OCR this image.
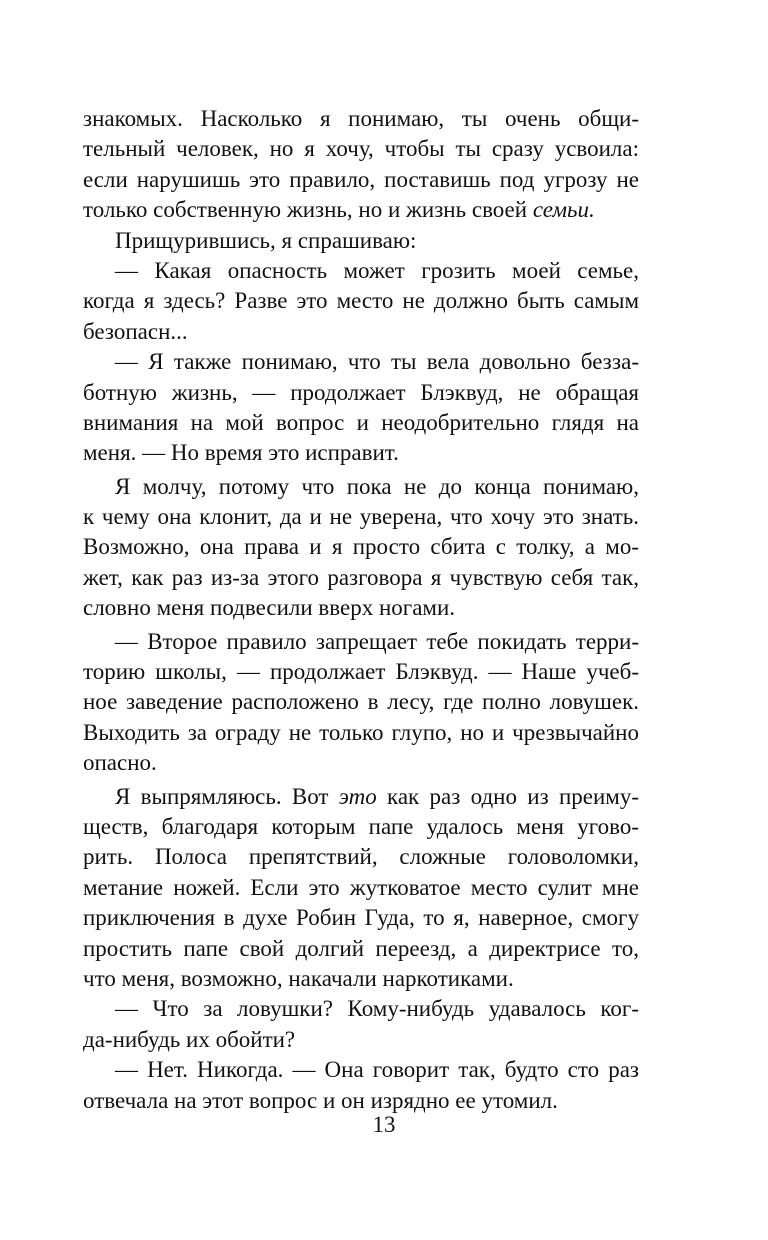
знакомых. Насколько я понимаю, ты очень общи-
тельный человек, но я хочу, чтобы ты сразу усвоила:
если нарушишь это правило, поставишь под угрозу не
только собственную жизнь, но и жизнь своей семьи.
Прищурившись, я спрашиваю:
— Какая опасность может грозить моей семье,
когда я здесь? Разве это место не должно быть самым
безопасн...
— Я также понимаю, что ты вела довольно безза-
ботную жизнь, — продолжает Блэквуд, не обращая
внимания на мой вопрос и неодобрительно глядя на
меня. — Но время это исправит.
Я молчу, потому что пока не до конца понимаю,
к чему она клонит, да и не уверена, что хочу это знать.
Возможно, она права и я просто сбита с толку, а мо-
жет, как раз из-за этого разговора я чувствую себя так,
словно меня подвесили вверх ногами.
— Второе правило запрещает тебе покидать терри-
торию школы, — продолжает Блэквуд. — Наше учеб-
ное заведение расположено в лесу, где полно ловушек.
Выходить за ограду не только глупо, но и чрезвычайно
опасно.
Я выпрямляюсь. Вот это как раз одно из преиму-
ществ, благодаря которым папе удалось меня угово-
рить. Полоса препятствий, сложные головоломки,
метание ножей. Если это жутковатое место сулит мне
приключения в духе Робин Гуда, то я, наверное, смогу
простить папе свой долгий переезд, а директрисе то,
что меня, возможно, накачали наркотиками.
— Что за ловушки? Кому-нибудь удавалось ког-
да-нибудь их обойти?
— Нет. Никогда. — Она говорит так, будто сто раз
отвечала на этот вопрос и он изрядно ее утомил.
13
